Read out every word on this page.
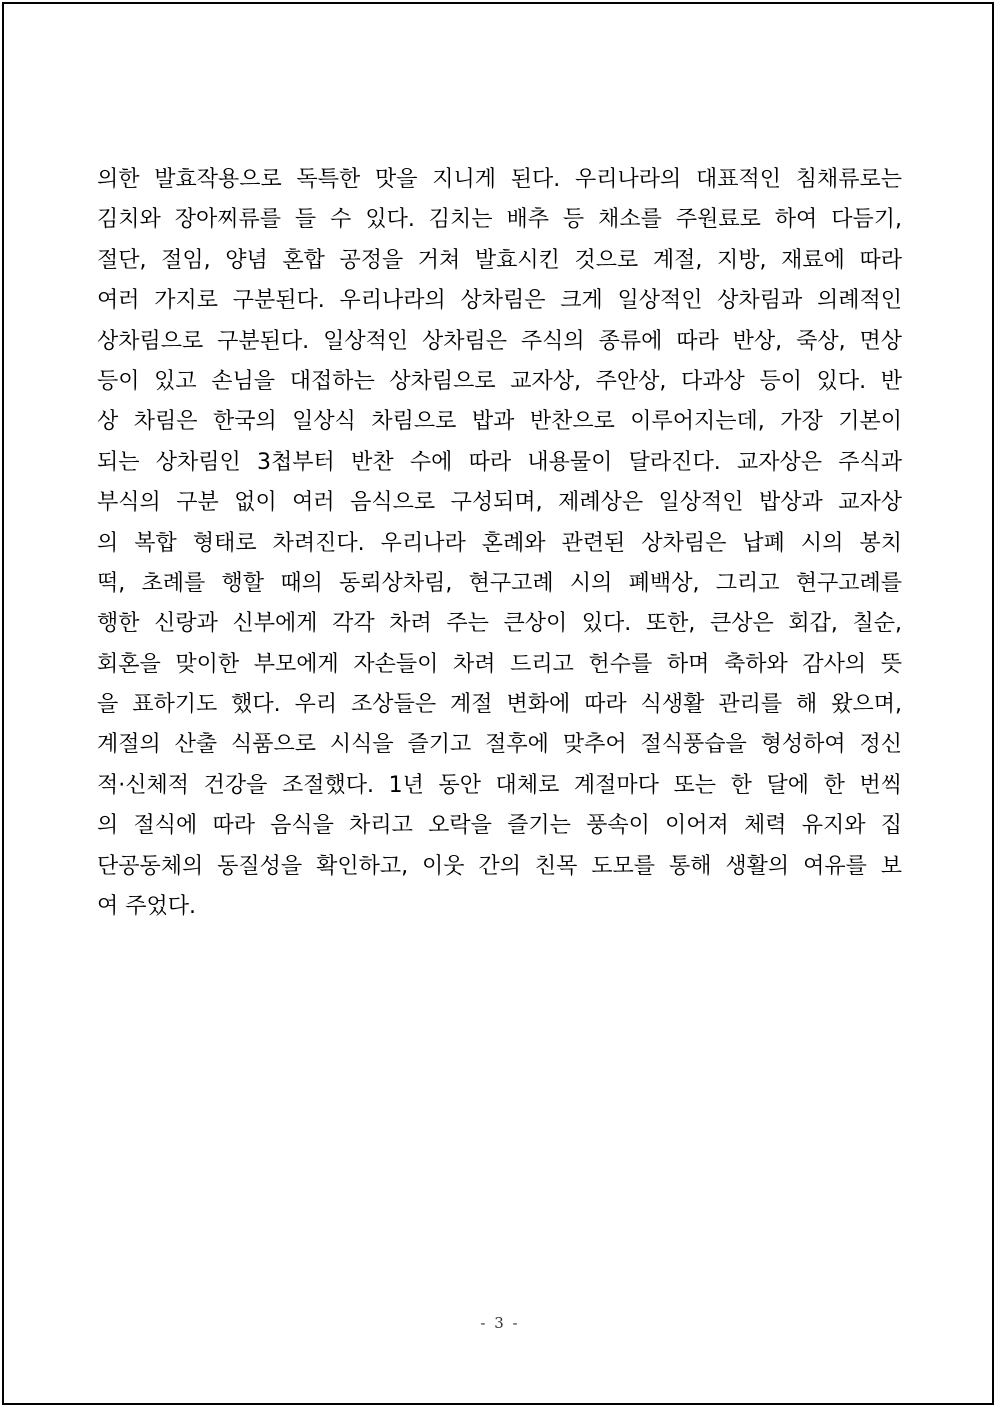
의한 발효작용으로 독특한 맛을 지니게 된다. 우리나라의 대표적인 침채류로는
김치와 장아찌류를 들 수 있다. 김치는 배추 등 채소를 주원료로 하여 다듬기,
절단, 절임, 양념 혼합 공정을 거쳐 발효시킨 것으로 계절, 지방, 재료에 따라
여러 가지로 구분된다. 우리나라의 상차림은 크게 일상적인 상차림과 의례적인
상차림으로 구분된다. 일상적인 상차림은 주식의 종류에 따라 반상, 죽상, 면상
등이 있고 손님을 대접하는 상차림으로 교자상, 주안상, 다과상 등이 있다. 반
상 차림은 한국의 일상식 차림으로 밥과 반찬으로 이루어지는데, 가장 기본이
되는 상차림인 3첩부터 반찬 수에 따라 내용물이 달라진다. 교자상은 주식과
부식의 구분 없이 여러 음식으로 구성되며, 제례상은 일상적인 밥상과 교자상
의 복합 형태로 차려진다. 우리나라 혼례와 관련된 상차림은 납폐 시의 봉치
떡, 초례를 행할 때의 동뢰상차림, 현구고례 시의 폐백상, 그리고 현구고례를
행한 신랑과 신부에게 각각 차려 주는 큰상이 있다. 또한, 큰상은 회갑, 칠순,
회혼을 맞이한 부모에게 자손들이 차려 드리고 헌수를 하며 축하와 감사의 뜻
을 표하기도 했다. 우리 조상들은 계절 변화에 따라 식생활 관리를 해 왔으며,
계절의 산출 식품으로 시식을 즐기고 절후에 맞추어 절식풍습을 형성하여 정신
적·신체적 건강을 조절했다. 1년 동안 대체로 계절마다 또는 한 달에 한 번씩
의 절식에 따라 음식을 차리고 오락을 즐기는 풍속이 이어져 체력 유지와 집
단공동체의 동질성을 확인하고, 이웃 간의 친목 도모를 통해 생활의 여유를 보
여 주었다.
- 3 -
